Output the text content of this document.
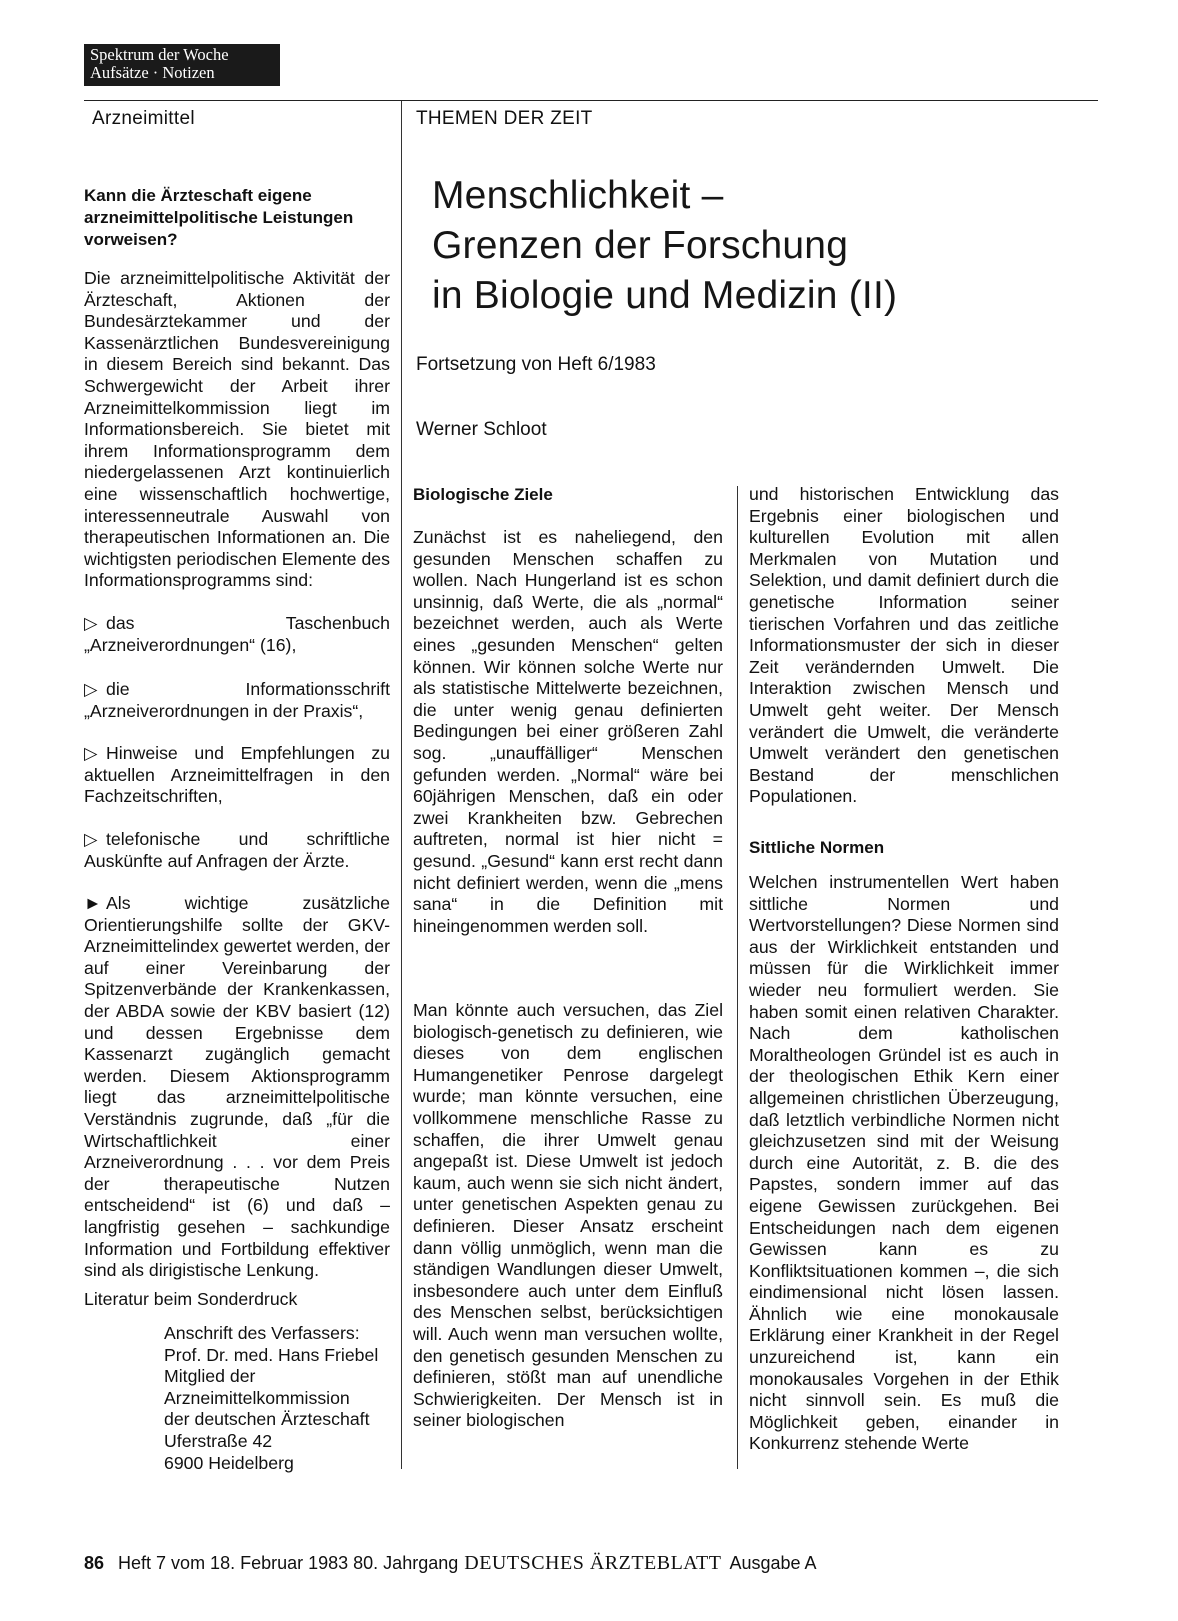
Spektrum der Woche
Aufsätze · Notizen
Arzneimittel	THEMEN DER ZEIT
Kann die Ärzteschaft eigene arzneimittelpolitische Leistungen vorweisen?

Die arzneimittelpolitische Aktivität der Ärzteschaft, Aktionen der Bundesärztekammer und der Kassenärztlichen Bundesvereinigung in diesem Bereich sind bekannt. Das Schwergewicht der Arbeit ihrer Arzneimittelkommission liegt im Informationsbereich. Sie bietet mit ihrem Informationsprogramm dem niedergelassenen Arzt kontinuierlich eine wissenschaftlich hochwertige, interessenneutrale Auswahl von therapeutischen Informationen an. Die wichtigsten periodischen Elemente des Informationsprogramms sind:

▷ das Taschenbuch „Arzneiverordnungen“ (16),

▷ die Informationsschrift „Arzneiverordnungen in der Praxis“,

▷ Hinweise und Empfehlungen zu aktuellen Arzneimittelfragen in den Fachzeitschriften,

▷ telefonische und schriftliche Auskünfte auf Anfragen der Ärzte.

► Als wichtige zusätzliche Orientierungshilfe sollte der GKV-Arzneimittelindex gewertet werden, der auf einer Vereinbarung der Spitzenverbände der Krankenkassen, der ABDA sowie der KBV basiert (12) und dessen Ergebnisse dem Kassenarzt zugänglich gemacht werden. Diesem Aktionsprogramm liegt das arzneimittelpolitische Verständnis zugrunde, daß „für die Wirtschaftlichkeit einer Arzneiverordnung . . . vor dem Preis der therapeutische Nutzen entscheidend“ ist (6) und daß – langfristig gesehen – sachkundige Information und Fortbildung effektiver sind als dirigistische Lenkung.

Literatur beim Sonderdruck
Anschrift des Verfassers:
Prof. Dr. med. Hans Friebel
Mitglied der
Arzneimittelkommission
der deutschen Ärzteschaft
Uferstraße 42
6900 Heidelberg
Menschlichkeit –
Grenzen der Forschung
in Biologie und Medizin (II)
Fortsetzung von Heft 6/1983
Werner Schloot
Biologische Ziele

Zunächst ist es naheliegend, den gesunden Menschen schaffen zu wollen. Nach Hungerland ist es schon unsinnig, daß Werte, die als „normal“ bezeichnet werden, auch als Werte eines „gesunden Menschen“ gelten können. Wir können solche Werte nur als statistische Mittelwerte bezeichnen, die unter wenig genau definierten Bedingungen bei einer größeren Zahl sog. „unauffälliger“ Menschen gefunden werden. „Normal“ wäre bei 60jährigen Menschen, daß ein oder zwei Krankheiten bzw. Gebrechen auftreten, normal ist hier nicht = gesund. „Gesund“ kann erst recht dann nicht definiert werden, wenn die „mens sana“ in die Definition mit hineingenommen werden soll.

Man könnte auch versuchen, das Ziel biologisch-genetisch zu definieren, wie dieses von dem englischen Humangenetiker Penrose dargelegt wurde; man könnte versuchen, eine vollkommene menschliche Rasse zu schaffen, die ihrer Umwelt genau angepaßt ist. Diese Umwelt ist jedoch kaum, auch wenn sie sich nicht ändert, unter genetischen Aspekten genau zu definieren. Dieser Ansatz erscheint dann völlig unmöglich, wenn man die ständigen Wandlungen dieser Umwelt, insbesondere auch unter dem Einfluß des Menschen selbst, berücksichtigen will. Auch wenn man versuchen wollte, den genetisch gesunden Menschen zu definieren, stößt man auf unendliche Schwierigkeiten. Der Mensch ist in seiner biologischen

und historischen Entwicklung das Ergebnis einer biologischen und kulturellen Evolution mit allen Merkmalen von Mutation und Selektion, und damit definiert durch die genetische Information seiner tierischen Vorfahren und das zeitliche Informationsmuster der sich in dieser Zeit verändernden Umwelt. Die Interaktion zwischen Mensch und Umwelt geht weiter. Der Mensch verändert die Umwelt, die veränderte Umwelt verändert den genetischen Bestand der menschlichen Populationen.

Sittliche Normen

Welchen instrumentellen Wert haben sittliche Normen und Wertvorstellungen? Diese Normen sind aus der Wirklichkeit entstanden und müssen für die Wirklichkeit immer wieder neu formuliert werden. Sie haben somit einen relativen Charakter. Nach dem katholischen Moraltheologen Gründel ist es auch in der theologischen Ethik Kern einer allgemeinen christlichen Überzeugung, daß letztlich verbindliche Normen nicht gleichzusetzen sind mit der Weisung durch eine Autorität, z. B. die des Papstes, sondern immer auf das eigene Gewissen zurückgehen. Bei Entscheidungen nach dem eigenen Gewissen kann es zu Konfliktsituationen kommen –, die sich eindimensional nicht lösen lassen. Ähnlich wie eine monokausale Erklärung einer Krankheit in der Regel unzureichend ist, kann ein monokausales Vorgehen in der Ethik nicht sinnvoll sein. Es muß die Möglichkeit geben, einander in Konkurrenz stehende Werte

86 Heft 7 vom 18. Februar 1983 80. Jahrgang DEUTSCHES ÄRZTEBLATT Ausgabe A
